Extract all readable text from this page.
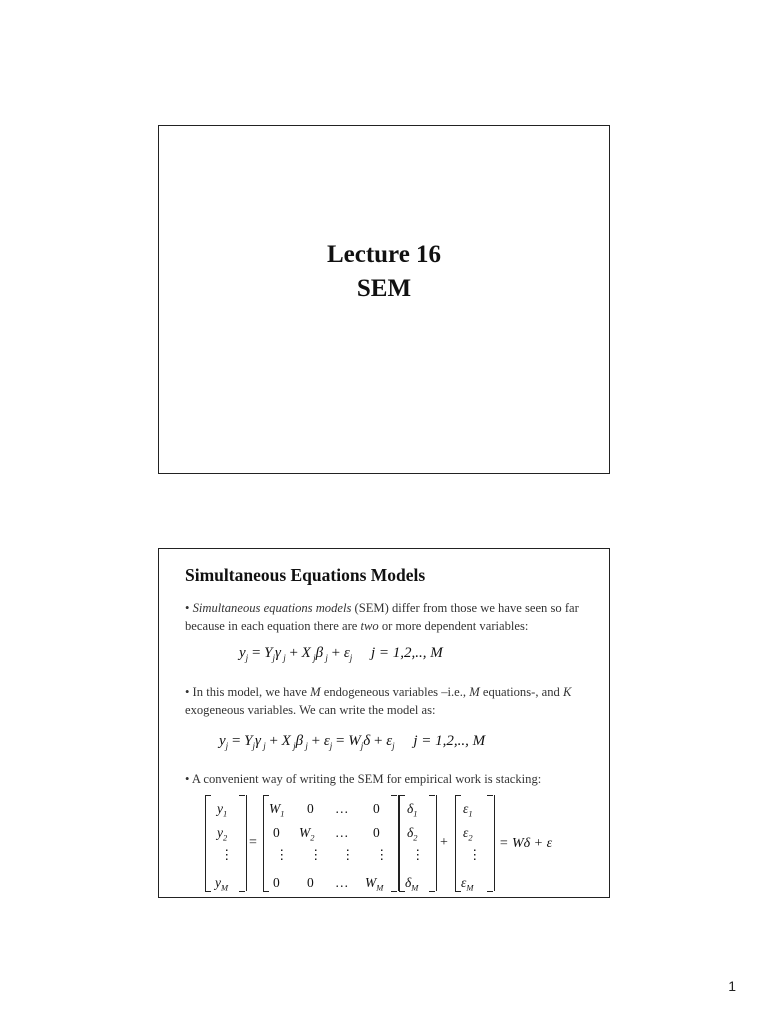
Lecture 16
SEM
Simultaneous Equations Models
• Simultaneous equations models (SEM) differ from those we have seen so far because in each equation there are two or more dependent variables:
$y_j = Y_j\gamma$ $_j$ + X $_j$β $_j + \varepsilon_j$ j = 1,2,.., M
• In this model, we have M endogeneous variables –i.e., M equations-, and K exogeneous variables. We can write the model as:
$y_j = Y_j\gamma$ $_j$ + X $_j$β $_j + \varepsilon_j = W_j\delta + \varepsilon_j$ j = 1,2,.., M
• A convenient way of writing the SEM for empirical work is stacking:
$y_1$
$y_2$
⋮
$y_M$
=
$W_1$ 0 … 0
0 $W_2$ … 0
⋮ ⋮ ⋮ ⋮
0 0 … $W_M$
$\delta_1$
$\delta_2$
⋮
$\delta_M$
+
$\varepsilon_1$
$\varepsilon_2$
⋮
$\varepsilon_M$
= Wδ + ε
1
